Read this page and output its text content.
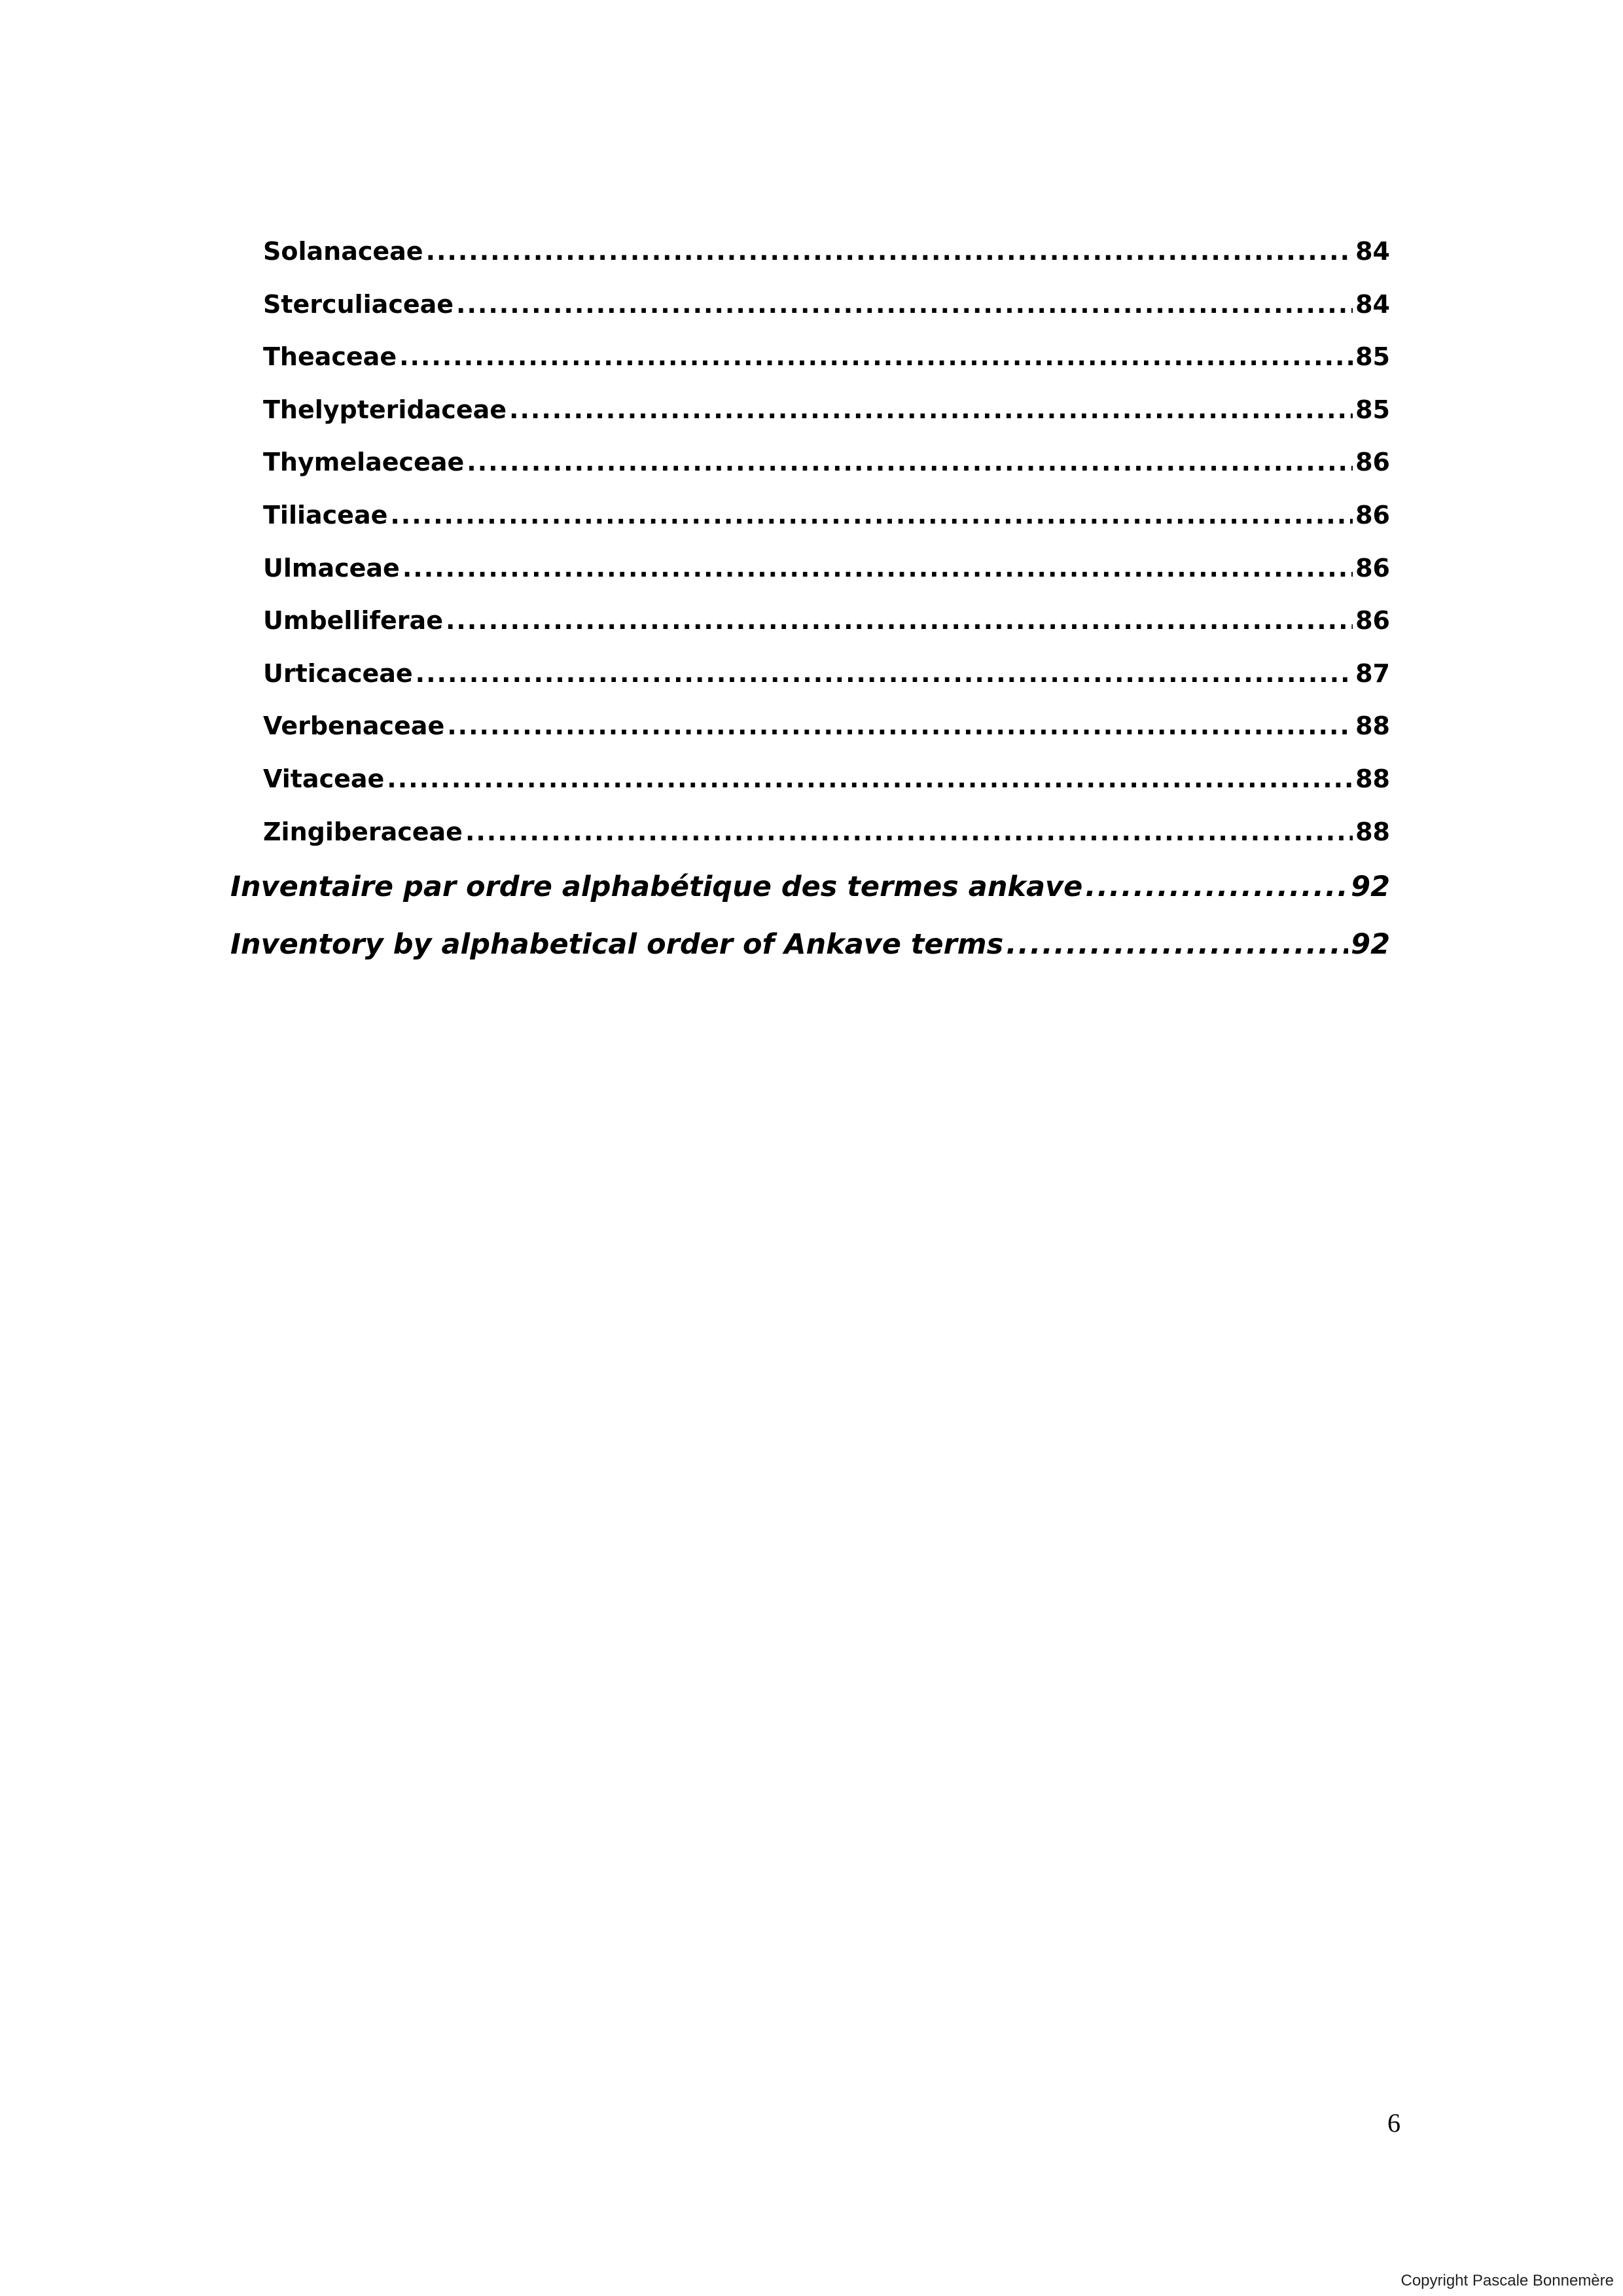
Solanaceae .....	84
Sterculiaceae .....	84
Theaceae .....	85
Thelypteridaceae .....	85
Thymelaeceae .....	86
Tiliaceae .....	86
Ulmaceae .....	86
Umbelliferae .....	86
Urticaceae .....	87
Verbenaceae .....	88
Vitaceae .....	88
Zingiberaceae .....	88
Inventaire par ordre alphabétique des termes ankave .....	92
Inventory by alphabetical order of Ankave terms .....	92
6
Copyright Pascale Bonnemère
